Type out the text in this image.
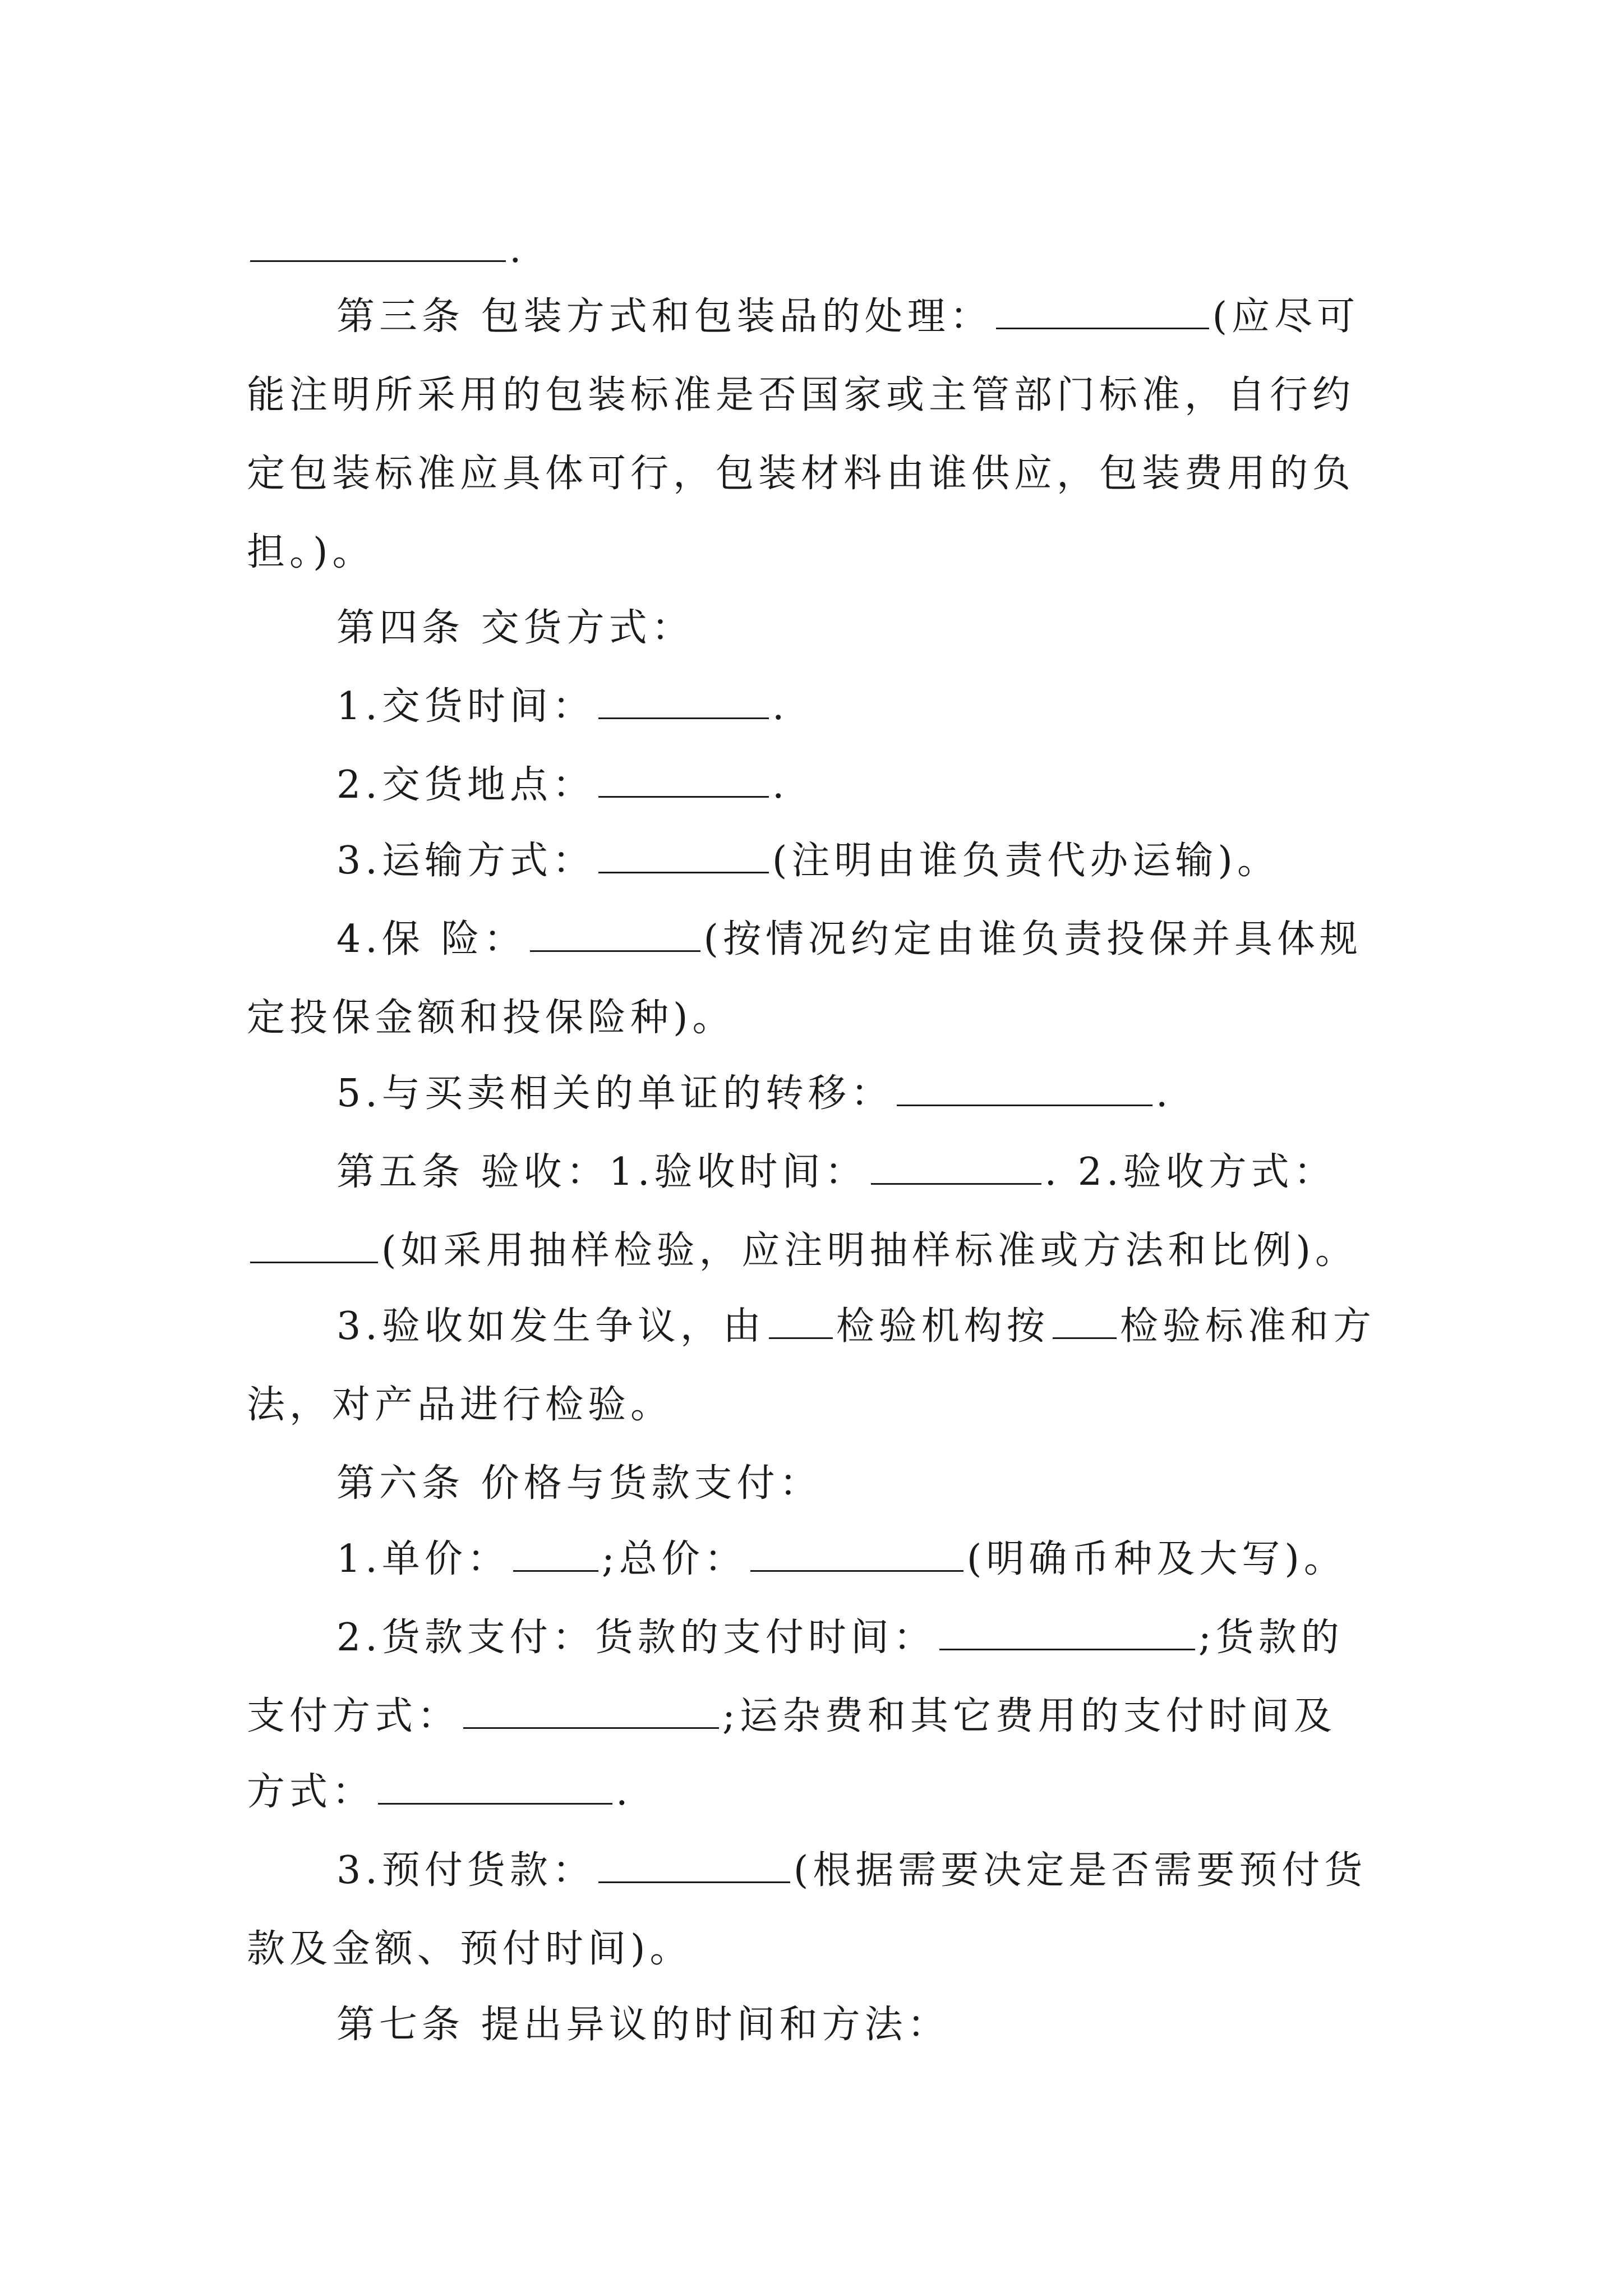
.
第三条 包装方式和包装品的处理：	(应尽可
能注明所采用的包装标准是否国家或主管部门标准，自行约
定包装标准应具体可行，包装材料由谁供应，包装费用的负
担。)。
第四条 交货方式：
1.交货时间：	.
2.交货地点：	.
3.运输方式：	(注明由谁负责代办运输)。
4.保 险：	(按情况约定由谁负责投保并具体规
定投保金额和投保险种)。
5.与买卖相关的单证的转移：	.
第五条 验收：1.验收时间：	. 2.验收方式：
(如采用抽样检验，应注明抽样标准或方法和比例)。
3.验收如发生争议，由 检验机构按 检验标准和方
法，对产品进行检验。
第六条 价格与货款支付：
1.单价： ;总价：	(明确币种及大写)。
2.货款支付：货款的支付时间：	;货款的
支付方式：	;运杂费和其它费用的支付时间及
方式：	.
3.预付货款：	(根据需要决定是否需要预付货
款及金额、预付时间)。
第七条 提出异议的时间和方法：
